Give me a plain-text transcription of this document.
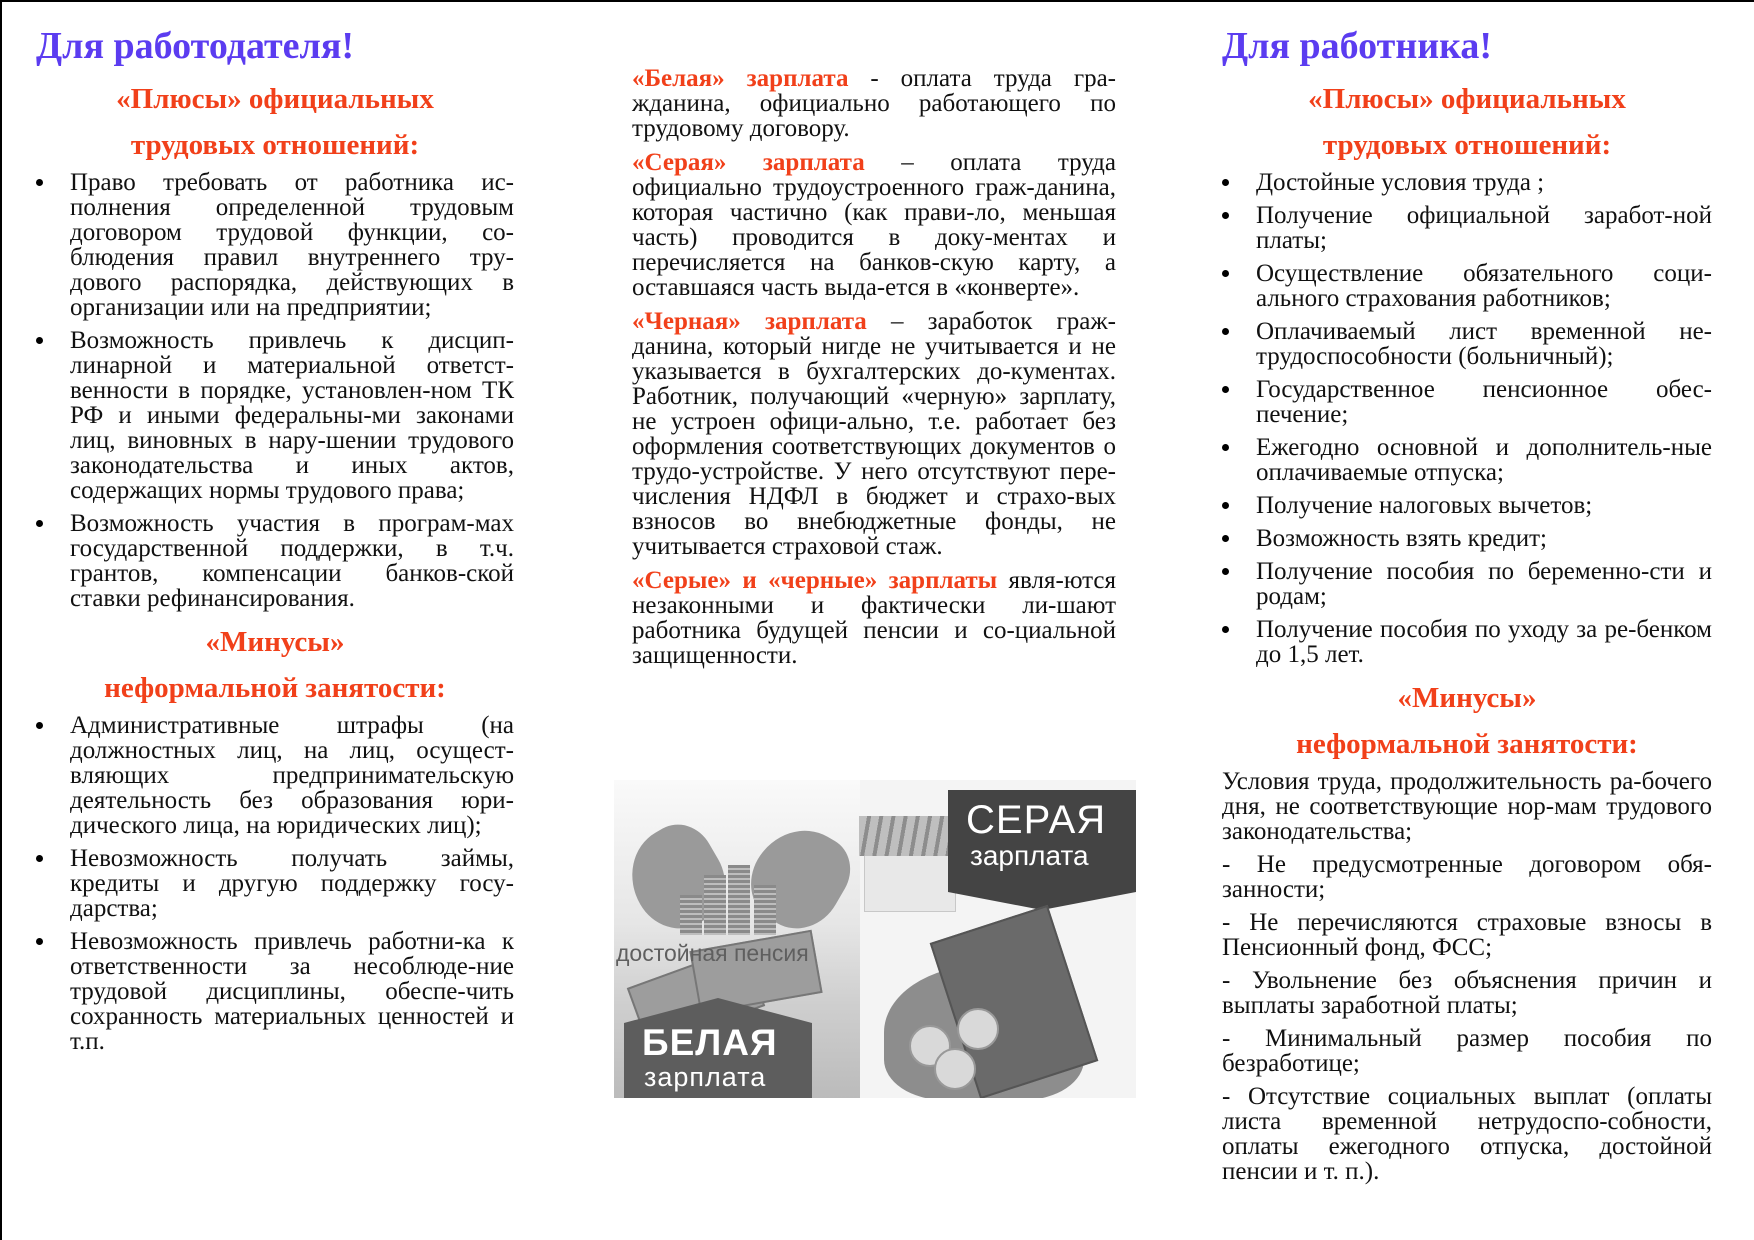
Для работодателя!
«Плюсы» официальных
трудовых отношений:
Право требовать от работника ис-полнения определенной трудовым договором трудовой функции, со-блюдения правил внутреннего тру-дового распорядка, действующих в организации или на предприятии;
Возможность привлечь к дисцип-линарной и материальной ответст-венности в порядке, установлен-ном ТК РФ и иными федеральны-ми законами лиц, виновных в нару-шении трудового законодательства и иных актов, содержащих нормы трудового права;
Возможность участия в програм-мах государственной поддержки, в т.ч. грантов, компенсации банков-ской ставки рефинансирования.
«Минусы»
неформальной занятости:
Административные штрафы (на должностных лиц, на лиц, осущест-вляющих предпринимательскую деятельность без образования юри-дического лица, на юридических лиц);
Невозможность получать займы, кредиты и другую поддержку госу-дарства;
Невозможность привлечь работни-ка к ответственности за несоблюде-ние трудовой дисциплины, обеспе-чить сохранность материальных ценностей и т.п.

«Белая» зарплата - оплата труда гра-жданина, официально работающего по трудовому договору.

«Серая» зарплата – оплата труда официально трудоустроенного граж-данина, которая частично (как прави-ло, меньшая часть) проводится в доку-ментах и перечисляется на банков-скую карту, а оставшаяся часть выда-ется в «конверте».

«Черная» зарплата – заработок граж-данина, который нигде не учитывается и не указывается в бухгалтерских до-кументах. Работник, получающий «черную» зарплату, не устроен офици-ально, т.е. работает без оформления соответствующих документов о трудо-устройстве. У него отсутствуют пере-числения НДФЛ в бюджет и страхо-вых взносов во внебюджетные фонды, не учитывается страховой стаж.

«Серые» и «черные» зарплаты явля-ются незаконными и фактически ли-шают работника будущей пенсии и со-циальной защищенности.

достойная пенсия
БЕЛАЯ
зарплата
СЕРАЯ
зарплата
Для работника!
«Плюсы» официальных
трудовых отношений:
Достойные условия труда ;
Получение официальной заработ-ной платы;
Осуществление обязательного соци-ального страхования работников;
Оплачиваемый лист временной не-трудоспособности (больничный);
Государственное пенсионное обес-печение;
Ежегодно основной и дополнитель-ные оплачиваемые отпуска;
Получение налоговых вычетов;
Возможность взять кредит;
Получение пособия по беременно-сти и родам;
Получение пособия по уходу за ре-бенком до 1,5 лет.
«Минусы»
неформальной занятости:

Условия труда, продолжительность ра-бочего дня, не соответствующие нор-мам трудового законодательства;

- Не предусмотренные договором обя-занности;

- Не перечисляются страховые взносы в Пенсионный фонд, ФСС;

- Увольнение без объяснения причин и выплаты заработной платы;

- Минимальный размер пособия по безработице;

- Отсутствие социальных выплат (оплаты листа временной нетрудоспо-собности, оплаты ежегодного отпуска, достойной пенсии и т. п.).
